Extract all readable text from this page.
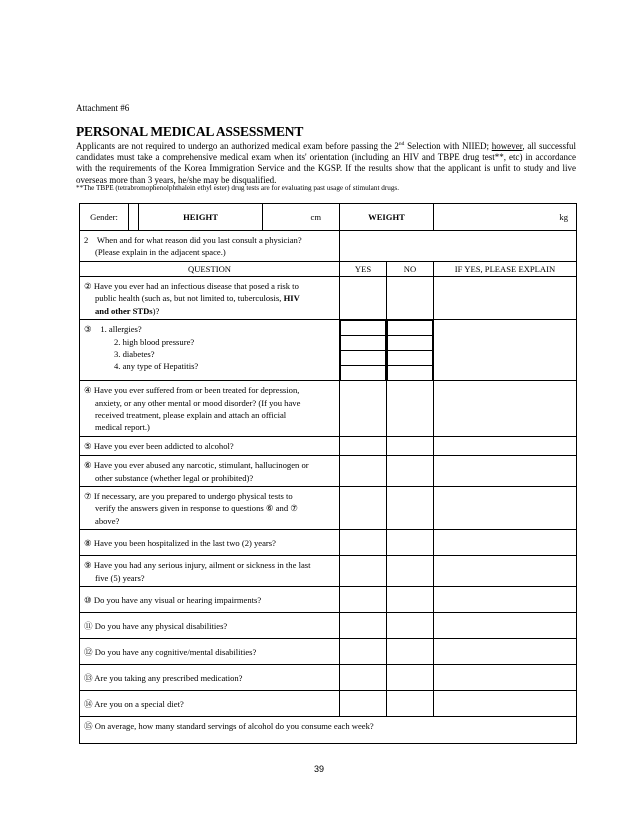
Attachment #6
PERSONAL MEDICAL ASSESSMENT
Applicants are not required to undergo an authorized medical exam before passing the 2nd Selection with NIIED; however, all successful candidates must take a comprehensive medical exam when its' orientation (including an HIV and TBPE drug test**, etc) in accordance with the requirements of the Korea Immigration Service and the KGSP. If the results show that the applicant is unfit to study and live overseas more than 3 years, he/she may be disqualified.
**The TBPE (tetrabromophenolphthalein ethyl ester) drug tests are for evaluating past usage of stimulant drugs.
Gender:		HEIGHT	cm	WEIGHT	kg
2 When and for what reason did you last consult a physician?

(Please explain in the adjacent space.)

QUESTION	YES	NO	IF YES, PLEASE EXPLAIN
② Have you ever had an infectious disease that posed a risk to

public health (such as, but not limited to, tuberculosis, HIV
and other STDs)?

③ 1. allergies?

2. high blood pressure?
3. diabetes?
4. any type of Hepatitis?

④ Have you ever suffered from or been treated for depression,
anxiety, or any other mental or mood disorder? (If you have
received treatment, please explain and attach an official
medical report.)

⑤ Have you ever been addicted to alcohol?			
⑥ Have you ever abused any narcotic, stimulant, hallucinogen or
other substance (whether legal or prohibited)?

⑦ If necessary, are you prepared to undergo physical tests to
verify the answers given in response to questions ⑥ and ⑦
above?

⑧ Have you been hospitalized in the last two (2) years?			
⑨ Have you had any serious injury, ailment or sickness in the last
five (5) years?

⑩ Do you have any visual or hearing impairments?			
⑪ Do you have any physical disabilities?			
⑫ Do you have any cognitive/mental disabilities?			
⑬ Are you taking any prescribed medication?			
⑭ Are you on a special diet?			
⑮ On average, how many standard servings of alcohol do you consume each week?
39
